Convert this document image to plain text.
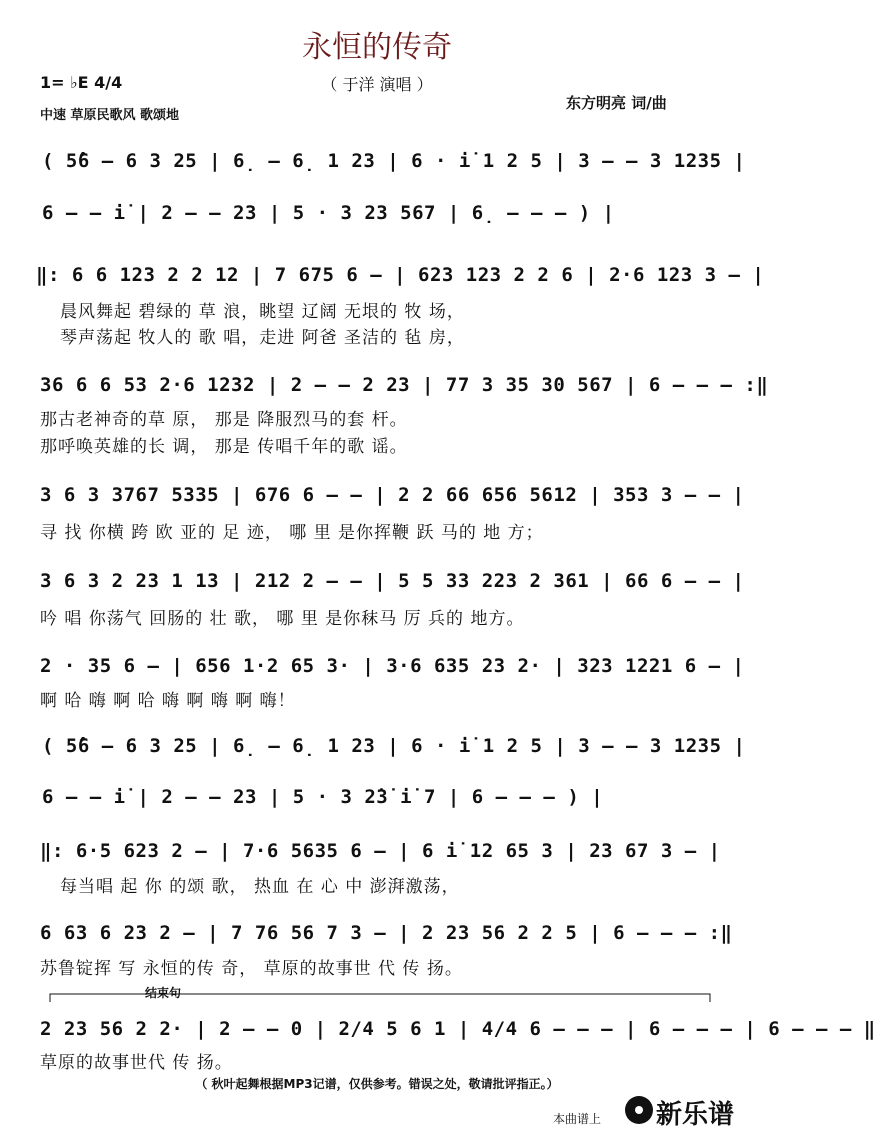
永恒的传奇
（ 于洋 演唱 ）
1= ♭E 4/4
中速 草原民歌风 歌颂地
东方明亮 词/曲
( 5̂6 – 6 3 25 | 6̣ – 6̣ 1 23 | 6 · i̇ 1 2 5 | 3 – – 3 1235 |
6 – – i̇ | 2 – – 23 | 5 · 3 23 567 | 6̣ – – – ) |
‖: 6 6 123 2 2 12 | 7 675 6 – | 623 123 2 2 6 | 2·6 123 3 – |
晨风舞起 碧绿的 草 浪，眺望 辽阔 无垠的 牧 场，
琴声荡起 牧人的 歌 唱，走进 阿爸 圣洁的 毡 房，
36 6 6 53 2·6 1232 | 2 – – 2 23 | 77 3 35 30 567 | 6 – – – :‖
那古老神奇的草 原， 那是 降服烈马的套 杆。
那呼唤英雄的长 调， 那是 传唱千年的歌 谣。
3 6 3 3767 5335 | 676 6 – – | 2 2 66 656 5612 | 353 3 – – |
寻 找 你横 跨 欧 亚的 足 迹， 哪 里 是你挥鞭 跃 马的 地 方；
3 6 3 2 23 1 13 | 212 2 – – | 5 5 33 223 2 361 | 66 6 – – |
吟 唱 你荡气 回肠的 壮 歌， 哪 里 是你秣马 厉 兵的 地方。
2 · 35 6 – | 656 1·2 65 3· | 3·6 635 23 2· | 323 1221 6 – |
啊 哈 嗨 啊 哈 嗨 啊 嗨 啊 嗨！
( 5̂6 – 6 3 25 | 6̣ – 6̣ 1 23 | 6 · i̇ 1 2 5 | 3 – – 3 1235 |
6 – – i̇ | 2 – – 23 | 5 · 3 2̇3̇ i̇ 7 | 6 – – – ) |
‖: 6·5 623 2 – | 7·6 5635 6 – | 6 i̇ 12 65 3 | 23 67 3 – |
每当唱 起 你 的颂 歌， 热血 在 心 中 澎湃激荡，
6 63 6 23 2 – | 7 76 56 7 3 – | 2 23 56 2 2 5 | 6 – – – :‖
苏鲁锭挥 写 永恒的传 奇， 草原的故事世 代 传 扬。
结束句
2 23 56 2 2· | 2 – – 0 | 2/4 5 6 1 | 4/4 6 – – – | 6 – – – | 6 – – – ‖
草原的故事世代 传 扬。
（ 秋叶起舞根据MP3记谱，仅供参考。错误之处，敬请批评指正。）
本曲谱上 新乐谱
